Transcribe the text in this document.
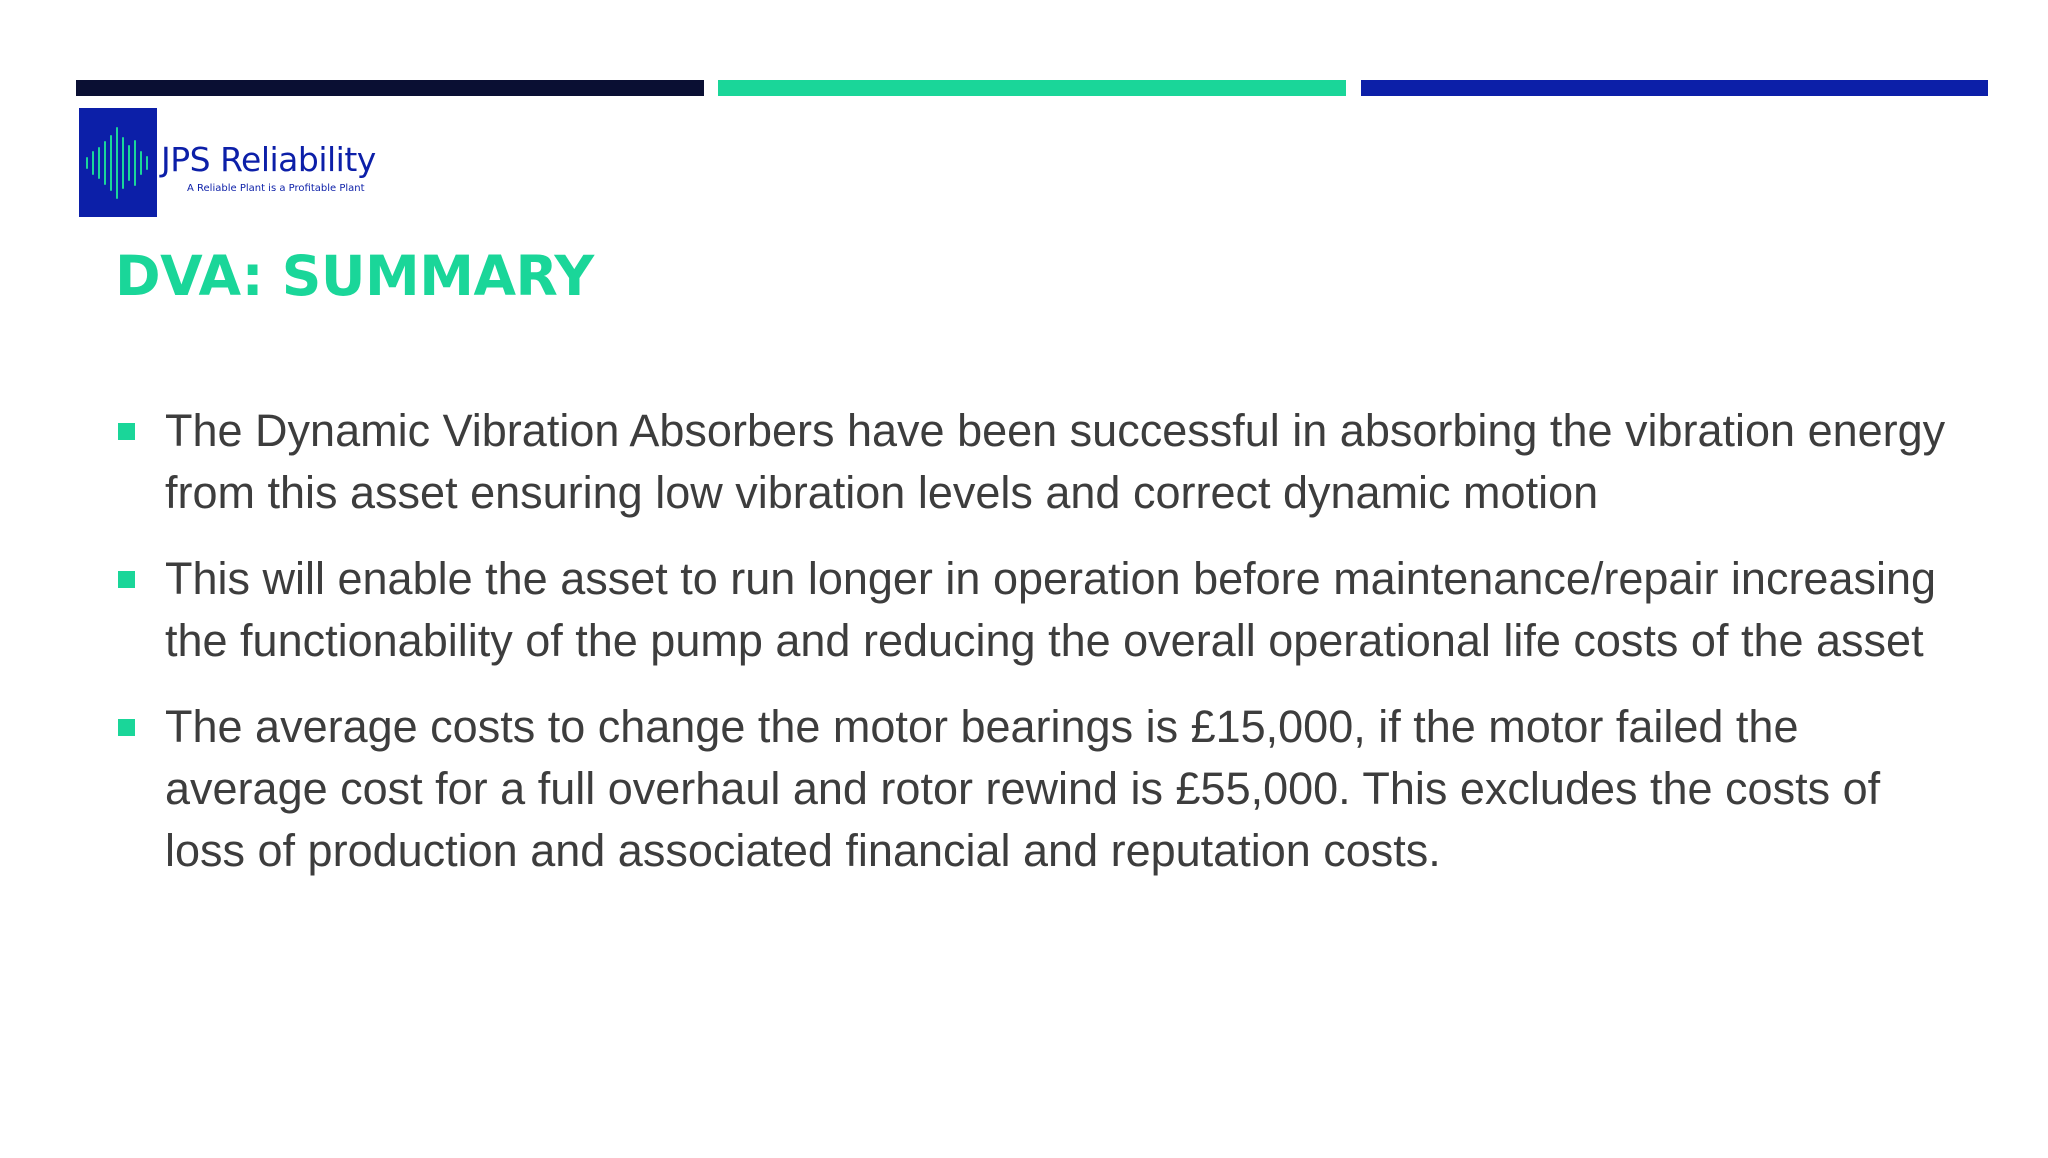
JPS Reliability
A Reliable Plant is a Profitable Plant
DVA: SUMMARY
The Dynamic Vibration Absorbers have been successful in absorbing the vibration energy from this asset ensuring low vibration levels and correct dynamic motion
This will enable the asset to run longer in operation before maintenance/repair increasing the functionability of the pump and reducing the overall operational life costs of the asset
The average costs to change the motor bearings is £15,000, if the motor failed the average cost for a full overhaul and rotor rewind is £55,000. This excludes the costs of loss of production and associated financial and reputation costs.
